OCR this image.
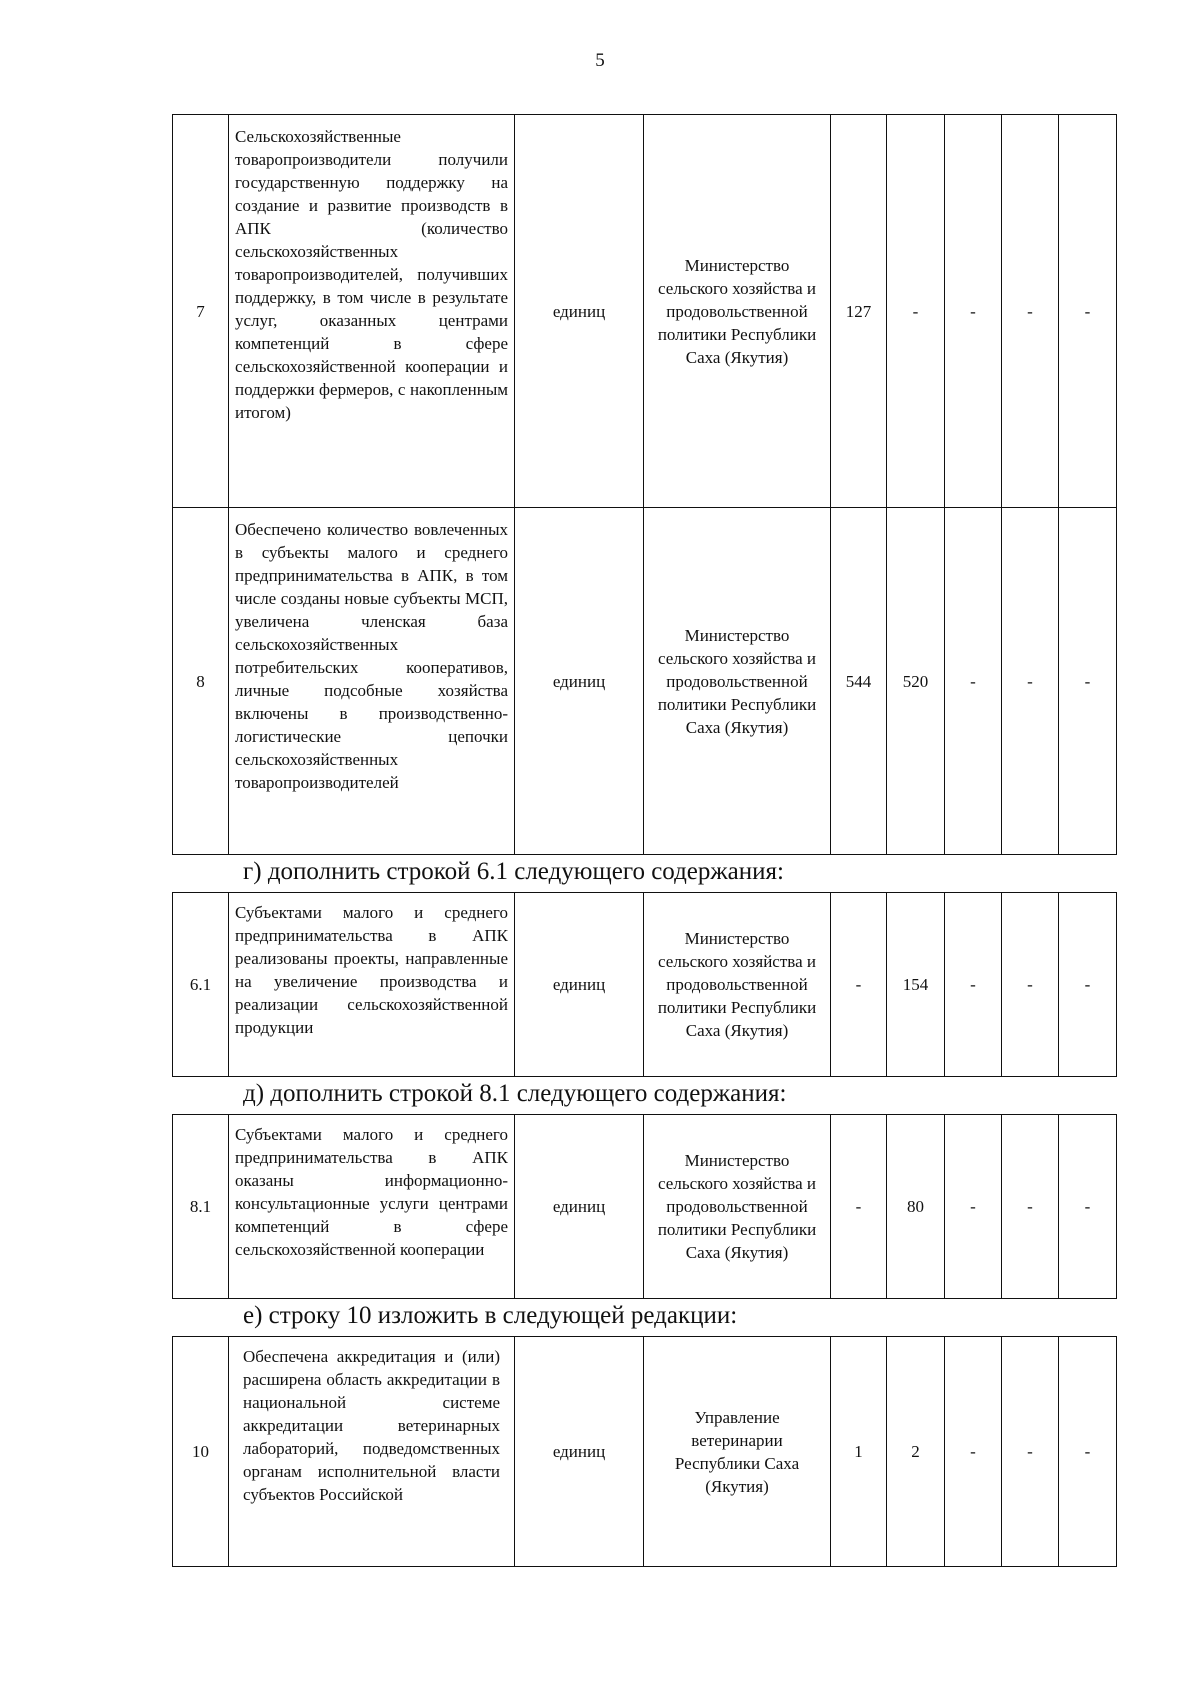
5
7	Сельскохозяйственные товаропроизводители получили государственную поддержку на создание и развитие производств в АПК (количество сельскохозяйственных товаропроизводителей, получивших поддержку, в том числе в результате услуг, оказанных центрами компетенций в сфере сельскохозяйственной кооперации и поддержки фермеров, с накопленным итогом)	единиц	Министерство сельского хозяйства и продовольственной политики Республики Саха (Якутия)	127	-	-	-	-
8	Обеспечено количество вовлеченных в субъекты малого и среднего предпринимательства в АПК, в том числе созданы новые субъекты МСП, увеличена членская база сельскохозяйственных потребительских кооперативов, личные подсобные хозяйства включены в производственно-логистические цепочки сельскохозяйственных товаропроизводителей	единиц	Министерство сельского хозяйства и продовольственной политики Республики Саха (Якутия)	544	520	-	-	-
г) дополнить строкой 6.1 следующего содержания:
6.1	Субъектами малого и среднего предпринимательства в АПК реализованы проекты, направленные на увеличение производства и реализации сельскохозяйственной продукции	единиц	Министерство сельского хозяйства и продовольственной политики Республики Саха (Якутия)	-	154	-	-	-
д) дополнить строкой 8.1 следующего содержания:
8.1	Субъектами малого и среднего предпринимательства в АПК оказаны информационно-консультационные услуги центрами компетенций в сфере сельскохозяйственной кооперации	единиц	Министерство сельского хозяйства и продовольственной политики Республики Саха (Якутия)	-	80	-	-	-
е) строку 10 изложить в следующей редакции:
10	Обеспечена аккредитация и (или) расширена область аккредитации в национальной системе аккредитации ветеринарных лабораторий, подведомственных органам исполнительной власти субъектов Российской	единиц	Управление ветеринарии Республики Саха (Якутия)	1	2	-	-	-
